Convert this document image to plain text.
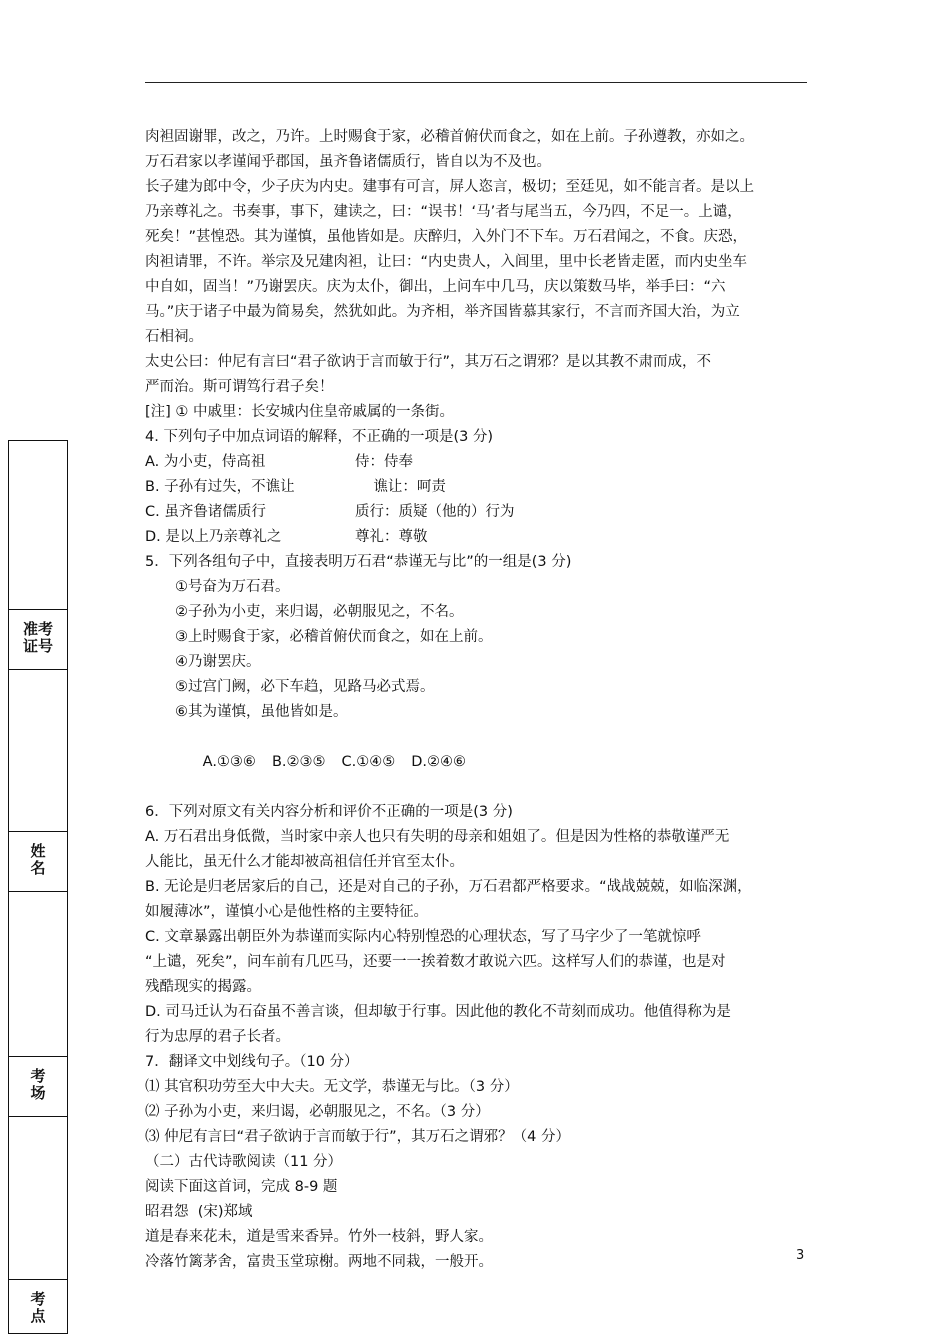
肉袒固谢罪，改之，乃许。上时赐食于家，必稽首俯伏而食之，如在上前。子孙遵教，亦如之。

万石君家以孝谨闻乎郡国，虽齐鲁诸儒质行，皆自以为不及也。

长子建为郎中令，少子庆为内史。建事有可言，屏人恣言，极切；至廷见，如不能言者。是以上

乃亲尊礼之。书奏事，事下，建读之，曰：“误书！‘马’者与尾当五，今乃四，不足一。上谴，

死矣！”甚惶恐。其为谨慎，虽他皆如是。庆醉归，入外门不下车。万石君闻之，不食。庆恐，

肉袒请罪，不许。举宗及兄建肉袒，让曰：“内史贵人，入闾里，里中长老皆走匿，而内史坐车

中自如，固当！”乃谢罢庆。庆为太仆，御出，上问车中几马，庆以策数马毕，举手曰：“六

马。”庆于诸子中最为简易矣，然犹如此。为齐相，举齐国皆慕其家行，不言而齐国大治，为立

石相祠。

太史公曰：仲尼有言曰“君子欲讷于言而敏于行”，其万石之谓邪？是以其教不肃而成，不

严而治。斯可谓笃行君子矣！

[注] ① 中戚里：长安城内住皇帝戚属的一条街。

4. 下列句子中加点词语的解释，不正确的一项是(3 分)

A. 为小吏，侍高祖	侍：侍奉
B. 子孙有过失，不谯让	谯让：呵责
C. 虽齐鲁诸儒质行	质行：质疑（他的）行为
D. 是以上乃亲尊礼之	尊礼：尊敬

5．下列各组句子中，直接表明万石君“恭谨无与比”的一组是(3 分)

①号奋为万石君。

②子孙为小吏，来归谒，必朝服见之，不名。

③上时赐食于家，必稽首俯伏而食之，如在上前。

④乃谢罢庆。

⑤过宫门阙，必下车趋，见路马必式焉。

⑥其为谨慎，虽他皆如是。

A.①③⑥ B.②③⑤ C.①④⑤ D.②④⑥

6．下列对原文有关内容分析和评价不正确的一项是(3 分)

A. 万石君出身低微，当时家中亲人也只有失明的母亲和姐姐了。但是因为性格的恭敬谨严无

人能比，虽无什么才能却被高祖信任并官至太仆。

B. 无论是归老居家后的自己，还是对自己的子孙，万石君都严格要求。“战战兢兢，如临深渊，

如履薄冰”，谨慎小心是他性格的主要特征。

C. 文章暴露出朝臣外为恭谨而实际内心特别惶恐的心理状态，写了马字少了一笔就惊呼

“上谴，死矣”，问车前有几匹马，还要一一挨着数才敢说六匹。这样写人们的恭谨，也是对

残酷现实的揭露。

D. 司马迁认为石奋虽不善言谈，但却敏于行事。因此他的教化不苛刻而成功。他值得称为是

行为忠厚的君子长者。

7．翻译文中划线句子。（10 分）

⑴ 其官积功劳至大中大夫。无文学，恭谨无与比。（3 分）

⑵ 子孙为小吏，来归谒，必朝服见之，不名。（3 分）

⑶ 仲尼有言曰“君子欲讷于言而敏于行”，其万石之谓邪？（4 分）

（二）古代诗歌阅读（11 分）

阅读下面这首词，完成 8-9 题

昭君怨  (宋)郑域

道是春来花未，道是雪来香异。竹外一枝斜，野人家。

冷落竹篱茅舍，富贵玉堂琼榭。两地不同栽，一般开。	3
准考
证号
姓
名
考
场
考
点
